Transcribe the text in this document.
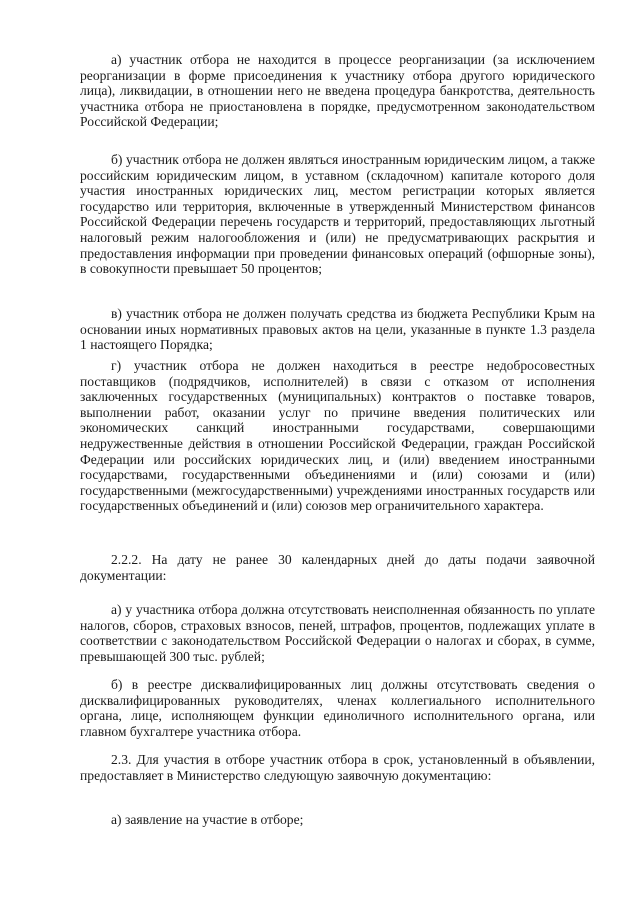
а) участник отбора не находится в процессе реорганизации (за исключением реорганизации в форме присоединения к участнику отбора другого юридического лица), ликвидации, в отношении него не введена процедура банкротства, деятельность участника отбора не приостановлена в порядке, предусмотренном законодательством Российской Федерации;

б) участник отбора не должен являться иностранным юридическим лицом, а также российским юридическим лицом, в уставном (складочном) капитале которого доля участия иностранных юридических лиц, местом регистрации которых является государство или территория, включенные в утвержденный Министерством финансов Российской Федерации перечень государств и территорий, предоставляющих льготный налоговый режим налогообложения и (или) не предусматривающих раскрытия и предоставления информации при проведении финансовых операций (офшорные зоны), в совокупности превышает 50 процентов;

в) участник отбора не должен получать средства из бюджета Республики Крым на основании иных нормативных правовых актов на цели, указанные в пункте 1.3 раздела 1 настоящего Порядка;

г) участник отбора не должен находиться в реестре недобросовестных поставщиков (подрядчиков, исполнителей) в связи с отказом от исполнения заключенных государственных (муниципальных) контрактов о поставке товаров, выполнении работ, оказании услуг по причине введения политических или экономических санкций иностранными государствами, совершающими недружественные действия в отношении Российской Федерации, граждан Российской Федерации или российских юридических лиц, и (или) введением иностранными государствами, государственными объединениями и (или) союзами и (или) государственными (межгосударственными) учреждениями иностранных государств или государственных объединений и (или) союзов мер ограничительного характера.

2.2.2. На дату не ранее 30 календарных дней до даты подачи заявочной документации:

а) у участника отбора должна отсутствовать неисполненная обязанность по уплате налогов, сборов, страховых взносов, пеней, штрафов, процентов, подлежащих уплате в соответствии с законодательством Российской Федерации о налогах и сборах, в сумме, превышающей 300 тыс. рублей;

б) в реестре дисквалифицированных лиц должны отсутствовать сведения о дисквалифицированных руководителях, членах коллегиального исполнительного органа, лице, исполняющем функции единоличного исполнительного органа, или главном бухгалтере участника отбора.

2.3. Для участия в отборе участник отбора в срок, установленный в объявлении, предоставляет в Министерство следующую заявочную документацию:

а) заявление на участие в отборе;
